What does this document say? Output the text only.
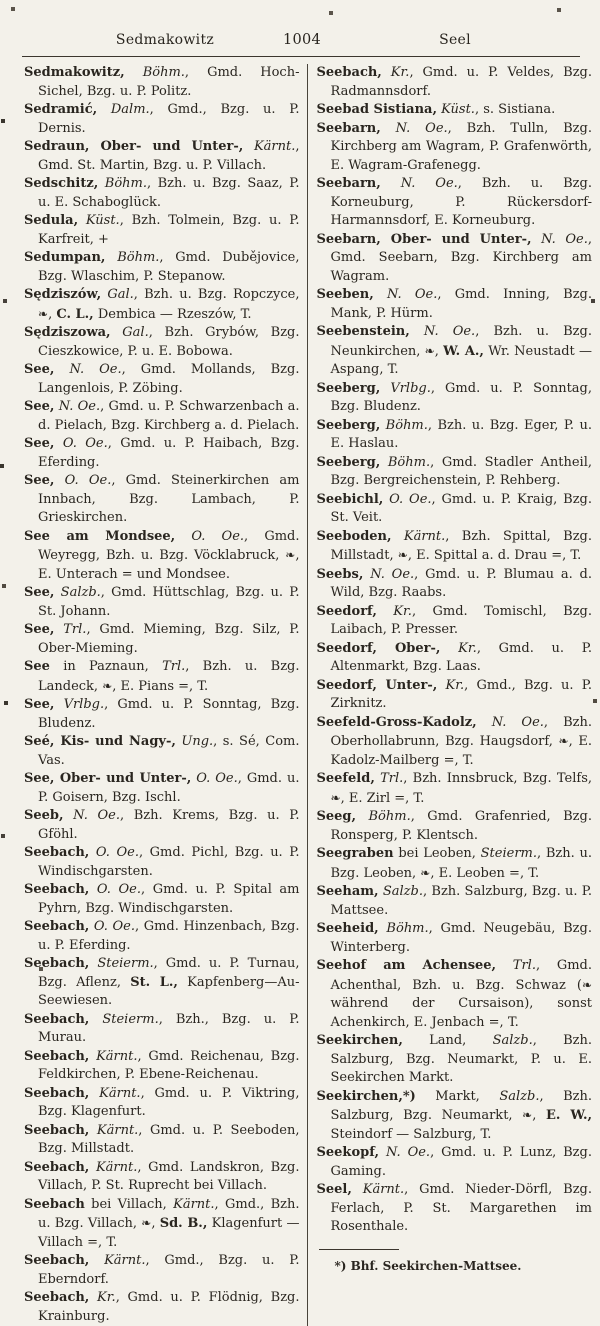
Sedmakowitz	1004	Seel
Sedmakowitz, Böhm., Gmd. Hoch-Sichel, Bzg. u. P. Politz.
Sedramić, Dalm., Gmd., Bzg. u. P. Dernis.
Sedraun, Ober- und Unter-, Kärnt., Gmd. St. Martin, Bzg. u. P. Villach.
Sedschitz, Böhm., Bzh. u. Bzg. Saaz, P. u. E. Schaboglück.
Sedula, Küst., Bzh. Tolmein, Bzg. u. P. Karfreit, +
Sedumpan, Böhm., Gmd. Dubějovice, Bzg. Wlaschim, P. Stepanow.
Sędziszów, Gal., Bzh. u. Bzg. Ropczyce, ❧, C. L., Dembica — Rzeszów, T.
Sędziszowa, Gal., Bzh. Grybów, Bzg. Cieszkowice, P. u. E. Bobowa.
See, N. Oe., Gmd. Mollands, Bzg. Langenlois, P. Zöbing.
See, N. Oe., Gmd. u. P. Schwarzenbach a. d. Pielach, Bzg. Kirchberg a. d. Pielach.
See, O. Oe., Gmd. u. P. Haibach, Bzg. Eferding.
See, O. Oe., Gmd. Steinerkirchen am Innbach, Bzg. Lambach, P. Grieskirchen.
See am Mondsee, O. Oe., Gmd. Weyregg, Bzh. u. Bzg. Vöcklabruck, ❧, E. Unterach = und Mondsee.
See, Salzb., Gmd. Hüttschlag, Bzg. u. P. St. Johann.
See, Trl., Gmd. Mieming, Bzg. Silz, P. Ober-Mieming.
See in Paznaun, Trl., Bzh. u. Bzg. Landeck, ❧, E. Pians =, T.
See, Vrlbg., Gmd. u. P. Sonntag, Bzg. Bludenz.
Seé, Kis- und Nagy-, Ung., s. Sé, Com. Vas.
See, Ober- und Unter-, O. Oe., Gmd. u. P. Goisern, Bzg. Ischl.
Seeb, N. Oe., Bzh. Krems, Bzg. u. P. Gföhl.
Seebach, O. Oe., Gmd. Pichl, Bzg. u. P. Windischgarsten.
Seebach, O. Oe., Gmd. u. P. Spital am Pyhrn, Bzg. Windischgarsten.
Seebach, O. Oe., Gmd. Hinzenbach, Bzg. u. P. Eferding.
Seebach, Steierm., Gmd. u. P. Turnau, Bzg. Aflenz, St. L., Kapfenberg—Au-Seewiesen.
Seebach, Steierm., Bzh., Bzg. u. P. Murau.
Seebach, Kärnt., Gmd. Reichenau, Bzg. Feldkirchen, P. Ebene-Reichenau.
Seebach, Kärnt., Gmd. u. P. Viktring, Bzg. Klagenfurt.
Seebach, Kärnt., Gmd. u. P. Seeboden, Bzg. Millstadt.
Seebach, Kärnt., Gmd. Landskron, Bzg. Villach, P. St. Ruprecht bei Villach.
Seebach bei Villach, Kärnt., Gmd., Bzh. u. Bzg. Villach, ❧, Sd. B., Klagenfurt — Villach =, T.
Seebach, Kärnt., Gmd., Bzg. u. P. Eberndorf.
Seebach, Kr., Gmd. u. P. Flödnig, Bzg. Krainburg.
Seebach, Kr., Gmd. u. P. Veldes, Bzg. Radmannsdorf.
Seebad Sistiana, Küst., s. Sistiana.
Seebarn, N. Oe., Bzh. Tulln, Bzg. Kirchberg am Wagram, P. Grafenwörth, E. Wagram-Grafenegg.
Seebarn, N. Oe., Bzh. u. Bzg. Korneuburg, P. Rückersdorf-Harmannsdorf, E. Korneuburg.
Seebarn, Ober- und Unter-, N. Oe., Gmd. Seebarn, Bzg. Kirchberg am Wagram.
Seeben, N. Oe., Gmd. Inning, Bzg. Mank, P. Hürm.
Seebenstein, N. Oe., Bzh. u. Bzg. Neunkirchen, ❧, W. A., Wr. Neustadt — Aspang, T.
Seeberg, Vrlbg., Gmd. u. P. Sonntag, Bzg. Bludenz.
Seeberg, Böhm., Bzh. u. Bzg. Eger, P. u. E. Haslau.
Seeberg, Böhm., Gmd. Stadler Antheil, Bzg. Bergreichenstein, P. Rehberg.
Seebichl, O. Oe., Gmd. u. P. Kraig, Bzg. St. Veit.
Seeboden, Kärnt., Bzh. Spittal, Bzg. Millstadt, ❧, E. Spittal a. d. Drau =, T.
Seebs, N. Oe., Gmd. u. P. Blumau a. d. Wild, Bzg. Raabs.
Seedorf, Kr., Gmd. Tomischl, Bzg. Laibach, P. Presser.
Seedorf, Ober-, Kr., Gmd. u. P. Altenmarkt, Bzg. Laas.
Seedorf, Unter-, Kr., Gmd., Bzg. u. P. Zirknitz.
Seefeld-Gross-Kadolz, N. Oe., Bzh. Oberhollabrunn, Bzg. Haugsdorf, ❧, E. Kadolz-Mailberg =, T.
Seefeld, Trl., Bzh. Innsbruck, Bzg. Telfs, ❧, E. Zirl =, T.
Seeg, Böhm., Gmd. Grafenried, Bzg. Ronsperg, P. Klentsch.
Seegraben bei Leoben, Steierm., Bzh. u. Bzg. Leoben, ❧, E. Leoben =, T.
Seeham, Salzb., Bzh. Salzburg, Bzg. u. P. Mattsee.
Seeheid, Böhm., Gmd. Neugebäu, Bzg. Winterberg.
Seehof am Achensee, Trl., Gmd. Achenthal, Bzh. u. Bzg. Schwaz (❧ während der Cursaison), sonst Achenkirch, E. Jenbach =, T.
Seekirchen, Land, Salzb., Bzh. Salzburg, Bzg. Neumarkt, P. u. E. Seekirchen Markt.
Seekirchen,*) Markt, Salzb., Bzh. Salzburg, Bzg. Neumarkt, ❧, E. W., Steindorf — Salzburg, T.
Seekopf, N. Oe., Gmd. u. P. Lunz, Bzg. Gaming.
Seel, Kärnt., Gmd. Nieder-Dörfl, Bzg. Ferlach, P. St. Margarethen im Rosenthale.
*) Bhf. Seekirchen-Mattsee.
